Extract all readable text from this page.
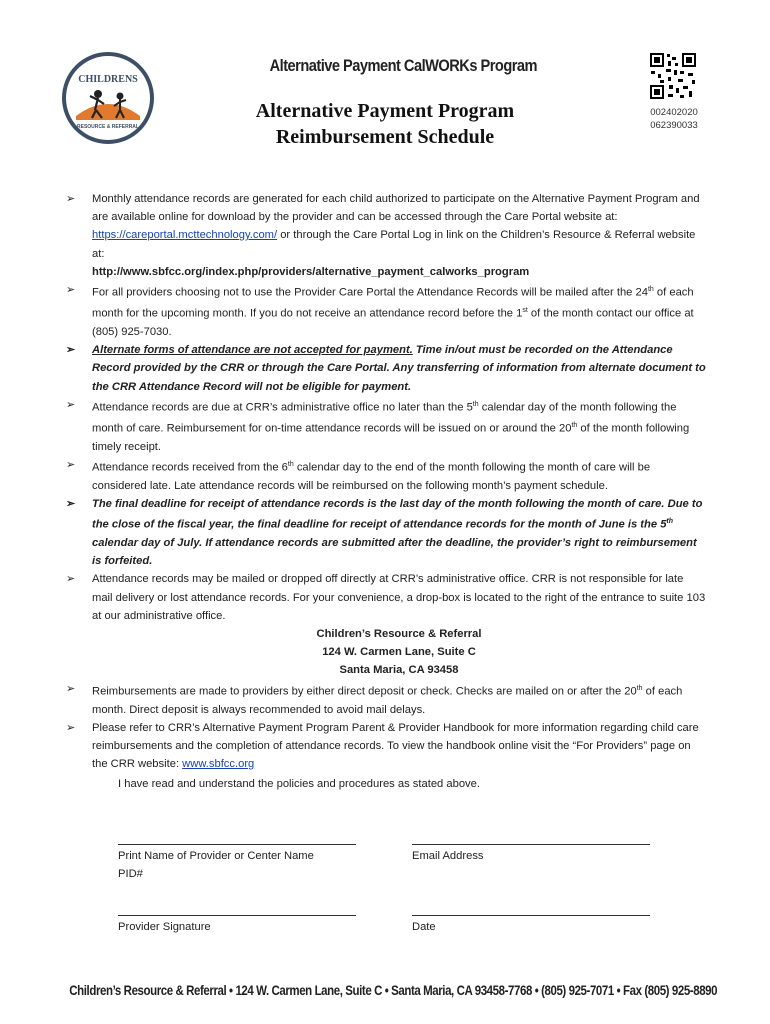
CHILDRENS
RESOURCE & REFERRAL
Alternative Payment CalWORKs Program
Alternative Payment Program
Reimbursement Schedule
002402020
062390033
➢ Monthly attendance records are generated for each child authorized to participate on the Alternative Payment Program and are available online for download by the provider and can be accessed through the Care Portal website at: https://careportal.mcttechnology.com/ or through the Care Portal Log in link on the Children’s Resource & Referral website at:
http://www.sbfcc.org/index.php/providers/alternative_payment_calworks_program
➢ For all providers choosing not to use the Provider Care Portal the Attendance Records will be mailed after the 24th of each month for the upcoming month. If you do not receive an attendance record before the 1st of the month contact our office at (805) 925-7030.
➢ Alternate forms of attendance are not accepted for payment. Time in/out must be recorded on the Attendance Record provided by the CRR or through the Care Portal. Any transferring of information from alternate document to the CRR Attendance Record will not be eligible for payment.
➢ Attendance records are due at CRR’s administrative office no later than the 5th calendar day of the month following the month of care. Reimbursement for on-time attendance records will be issued on or around the 20th of the month following timely receipt.
➢ Attendance records received from the 6th calendar day to the end of the month following the month of care will be considered late. Late attendance records will be reimbursed on the following month’s payment schedule.
➢ The final deadline for receipt of attendance records is the last day of the month following the month of care. Due to the close of the fiscal year, the final deadline for receipt of attendance records for the month of June is the 5th calendar day of July. If attendance records are submitted after the deadline, the provider’s right to reimbursement is forfeited.
➢ Attendance records may be mailed or dropped off directly at CRR’s administrative office. CRR is not responsible for late mail delivery or lost attendance records. For your convenience, a drop-box is located to the right of the entrance to suite 103 at our administrative office.
Children’s Resource & Referral
124 W. Carmen Lane, Suite C
Santa Maria, CA 93458
➢ Reimbursements are made to providers by either direct deposit or check. Checks are mailed on or after the 20th of each month. Direct deposit is always recommended to avoid mail delays.
➢ Please refer to CRR’s Alternative Payment Program Parent & Provider Handbook for more information regarding child care reimbursements and the completion of attendance records. To view the handbook online visit the “For Providers” page on the CRR website: www.sbfcc.org
I have read and understand the policies and procedures as stated above.
Print Name of Provider or Center Name
PID#
Email Address
Provider Signature	Date
Children’s Resource & Referral • 124 W. Carmen Lane, Suite C • Santa Maria, CA 93458-7768 • (805) 925-7071 • Fax (805) 925-8890
